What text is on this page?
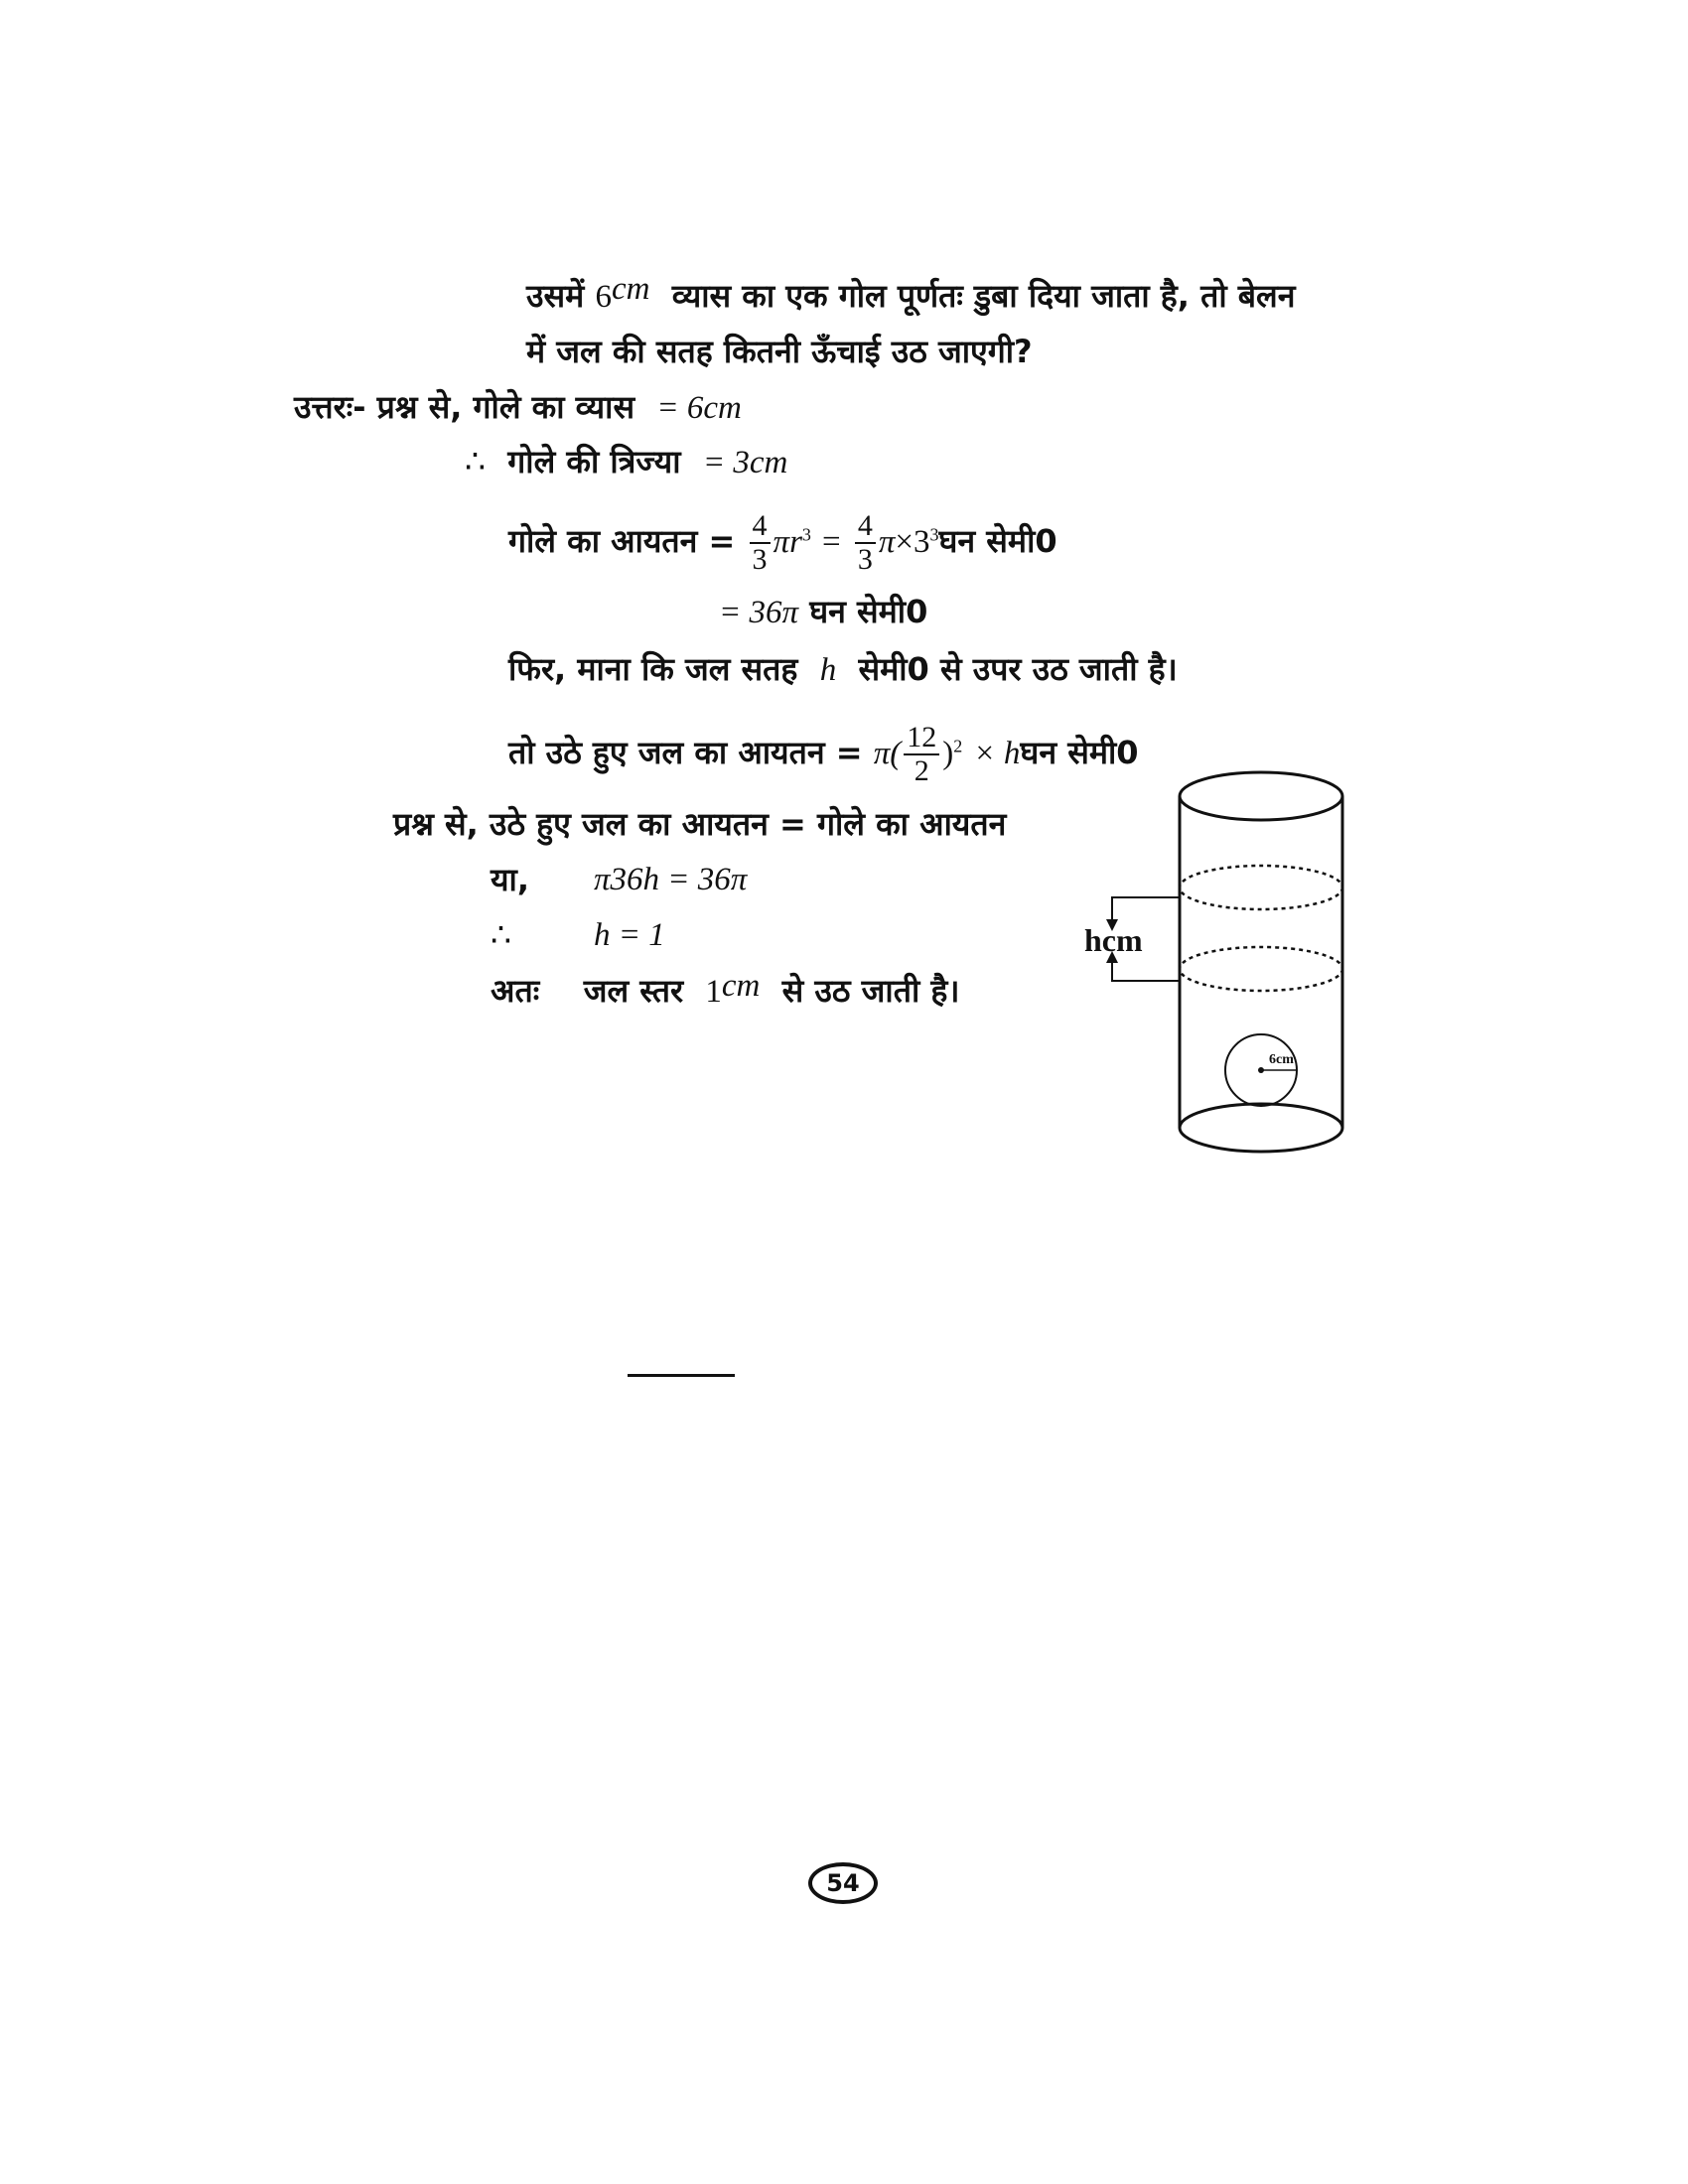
उसमें 6cm व्यास का एक गोल पूर्णतः डुबा दिया जाता है, तो बेलन
में जल की सतह कितनी ऊँचाई उठ जाएगी?
उत्तरः- प्रश्न से, गोले का व्यास = 6cm
∴ गोले की त्रिज्या = 3cm
गोले का आयतन = $\frac{4}{3} \pi r^3 = \frac{4}{3}$ $\pi\times 3^3घन$ सेमी0
= 36π घन सेमी0
फिर, माना कि जल सतह h सेमी0 से उपर उठ जाती है।
तो उठे हुए जल का आयतन = $\pi( \frac{12}{2} )^2$ × hघन सेमी0
प्रश्न से, उठे हुए जल का आयतन = गोले का आयतन
या, π36h = 36π
∴	h = 1
अतः जल स्तर 1cm से उठ जाती है।
hcm
6cm
54
